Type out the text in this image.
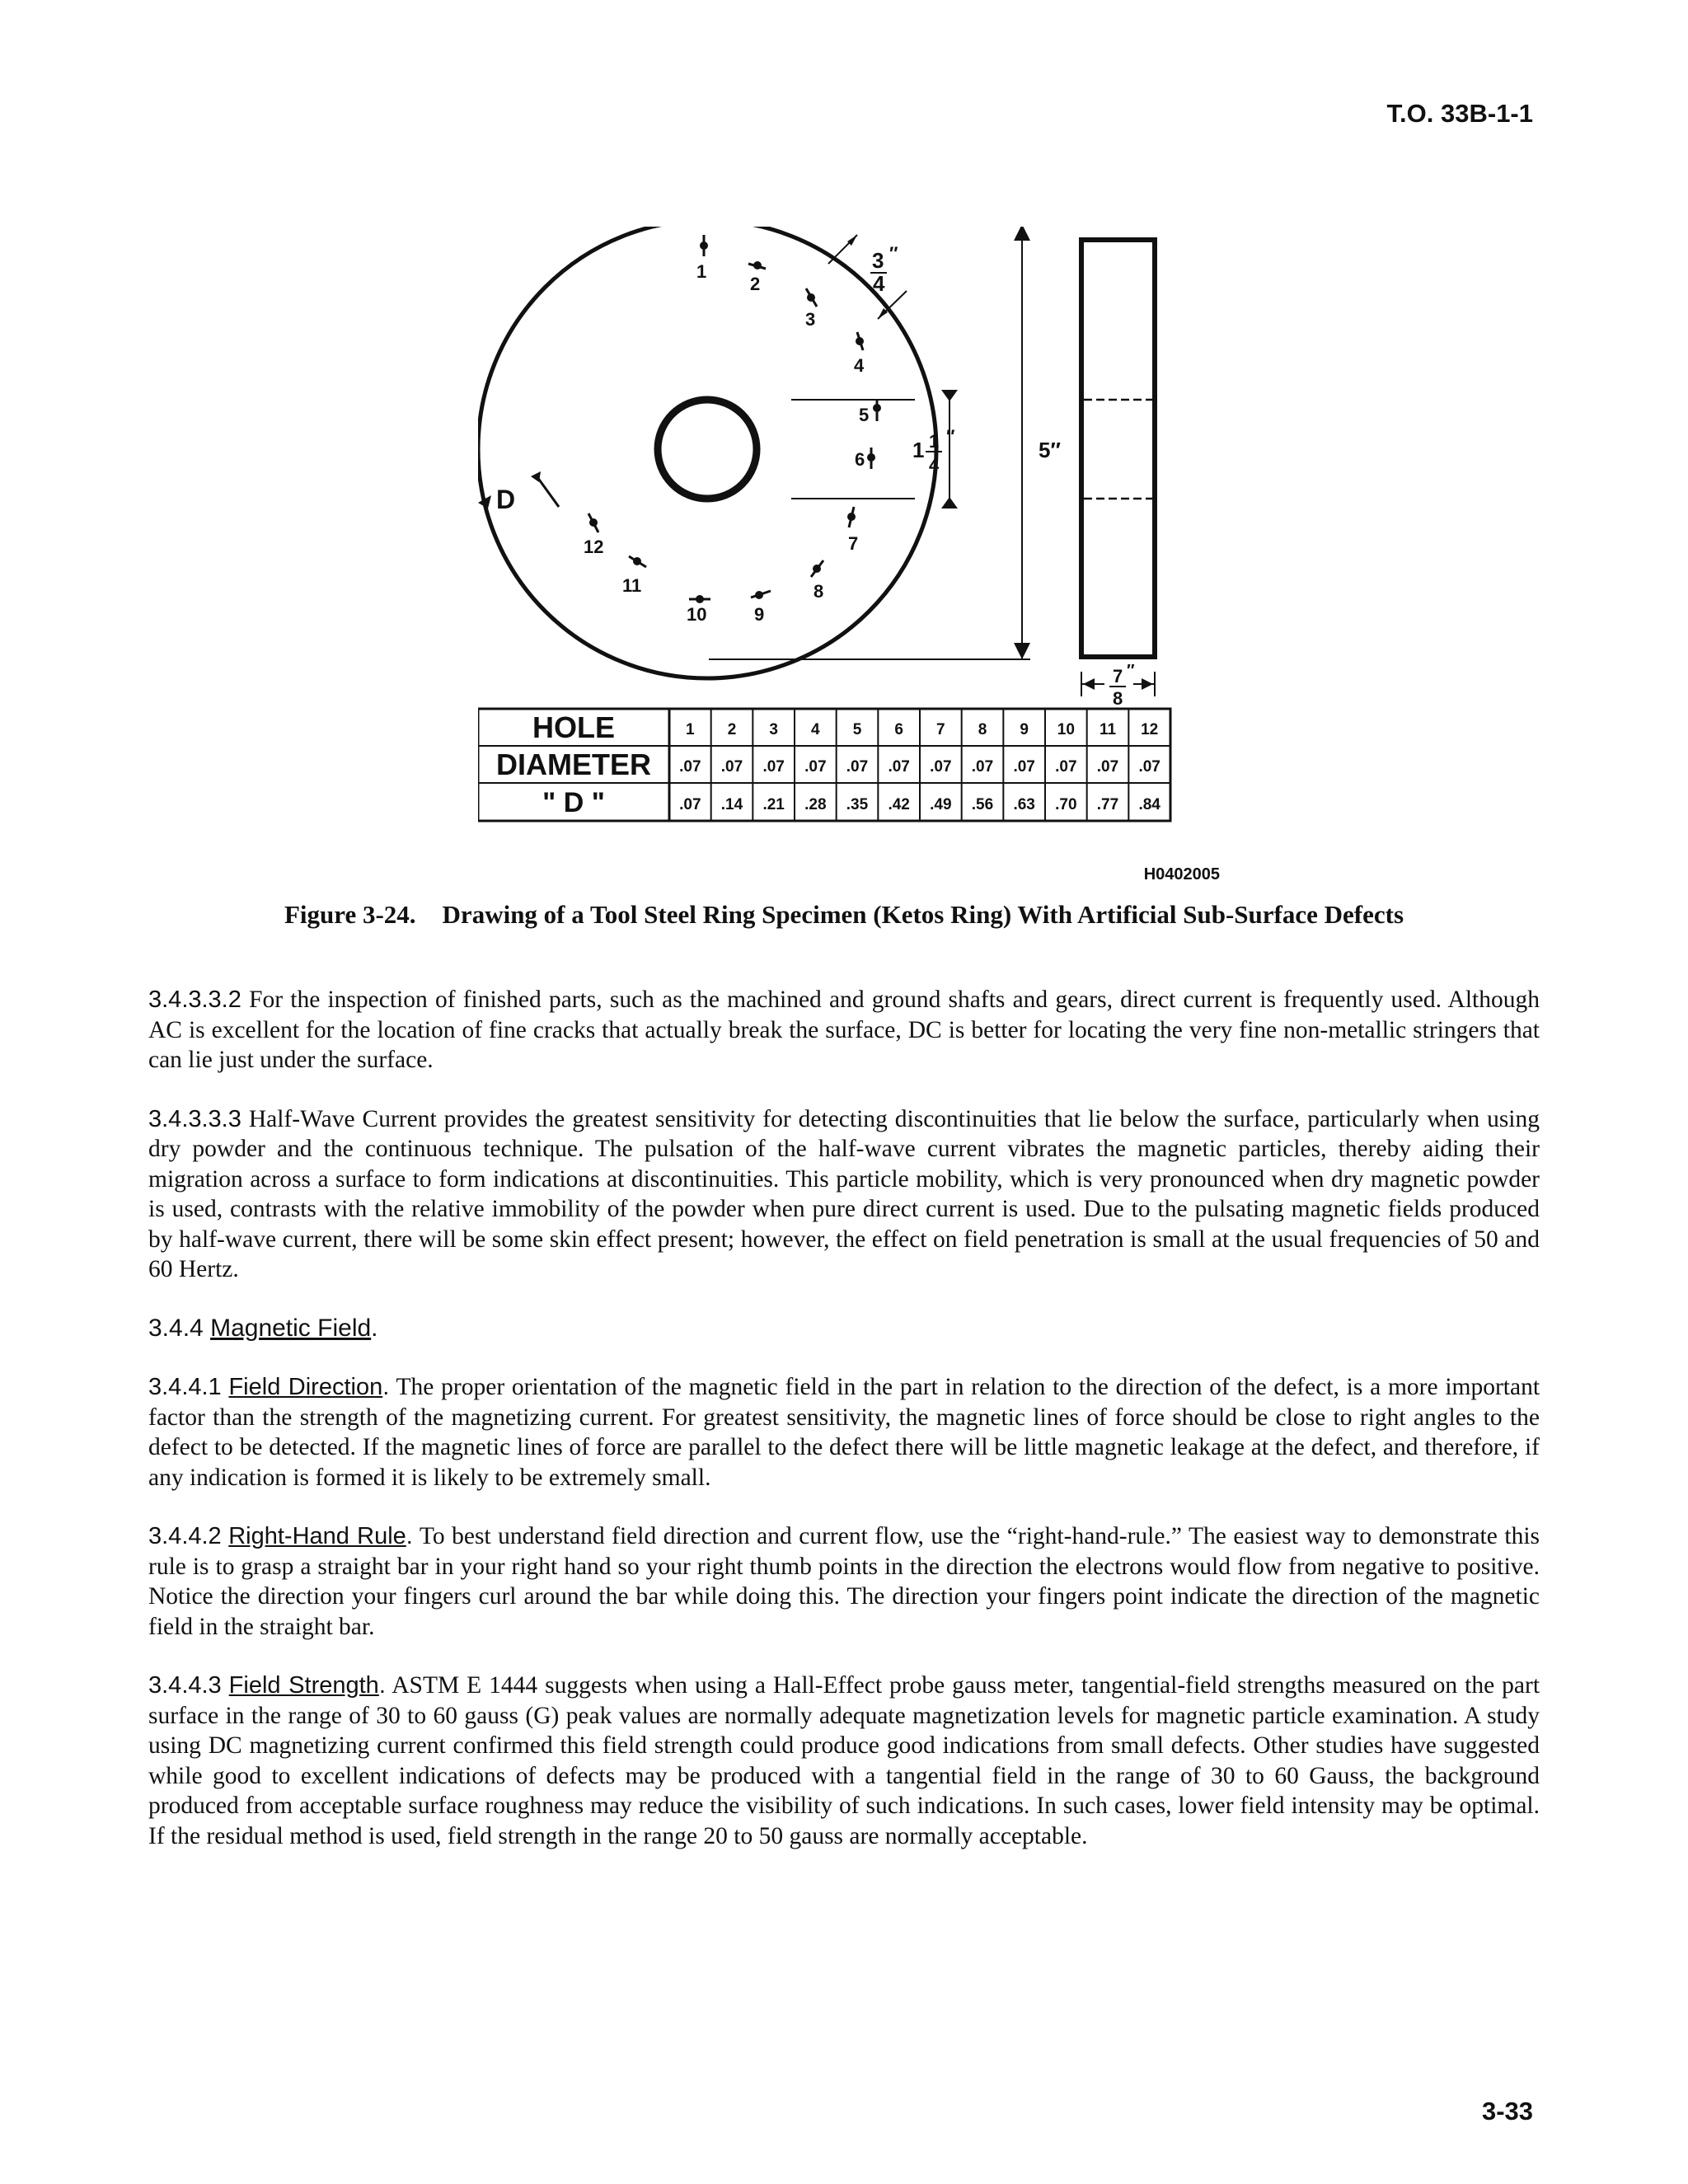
T.O. 33B-1-1
3 ″
4
1 1
4
″
5″
7 ″
8
1
2
3
4
5
6
7
8
9
10
11
12
D
HOLE
DIAMETER
" D "
1
.07
.07
2
.07
.14
3
.07
.21
4
.07
.28
5
.07
.35
6
.07
.42
7
.07
.49
8
.07
.56
9
.07
.63
10
.07
.70
11
.07
.77
12
.07
.84
H0402005
Figure 3-24. Drawing of a Tool Steel Ring Specimen (Ketos Ring) With Artificial Sub-Surface Defects

3.4.3.3.2 For the inspection of finished parts, such as the machined and ground shafts and gears, direct current is frequently used. Although AC is excellent for the location of fine cracks that actually break the surface, DC is better for locating the very fine non-metallic stringers that can lie just under the surface.

3.4.3.3.3 Half-Wave Current provides the greatest sensitivity for detecting discontinuities that lie below the surface, particularly when using dry powder and the continuous technique. The pulsation of the half-wave current vibrates the magnetic particles, thereby aiding their migration across a surface to form indications at discontinuities. This particle mobility, which is very pronounced when dry magnetic powder is used, contrasts with the relative immobility of the powder when pure direct current is used. Due to the pulsating magnetic fields produced by half-wave current, there will be some skin effect present; however, the effect on field penetration is small at the usual frequencies of 50 and 60 Hertz.

3.4.4 Magnetic Field.

3.4.4.1 Field Direction. The proper orientation of the magnetic field in the part in relation to the direction of the defect, is a more important factor than the strength of the magnetizing current. For greatest sensitivity, the magnetic lines of force should be close to right angles to the defect to be detected. If the magnetic lines of force are parallel to the defect there will be little magnetic leakage at the defect, and therefore, if any indication is formed it is likely to be extremely small.

3.4.4.2 Right-Hand Rule. To best understand field direction and current flow, use the “right-hand-rule.” The easiest way to demonstrate this rule is to grasp a straight bar in your right hand so your right thumb points in the direction the electrons would flow from negative to positive. Notice the direction your fingers curl around the bar while doing this. The direction your fingers point indicate the direction of the magnetic field in the straight bar.

3.4.4.3 Field Strength. ASTM E 1444 suggests when using a Hall-Effect probe gauss meter, tangential-field strengths measured on the part surface in the range of 30 to 60 gauss (G) peak values are normally adequate magnetization levels for magnetic particle examination. A study using DC magnetizing current confirmed this field strength could produce good indications from small defects. Other studies have suggested while good to excellent indications of defects may be produced with a tangential field in the range of 30 to 60 Gauss, the background produced from acceptable surface roughness may reduce the visibility of such indications. In such cases, lower field intensity may be optimal. If the residual method is used, field strength in the range 20 to 50 gauss are normally acceptable.

3-33
